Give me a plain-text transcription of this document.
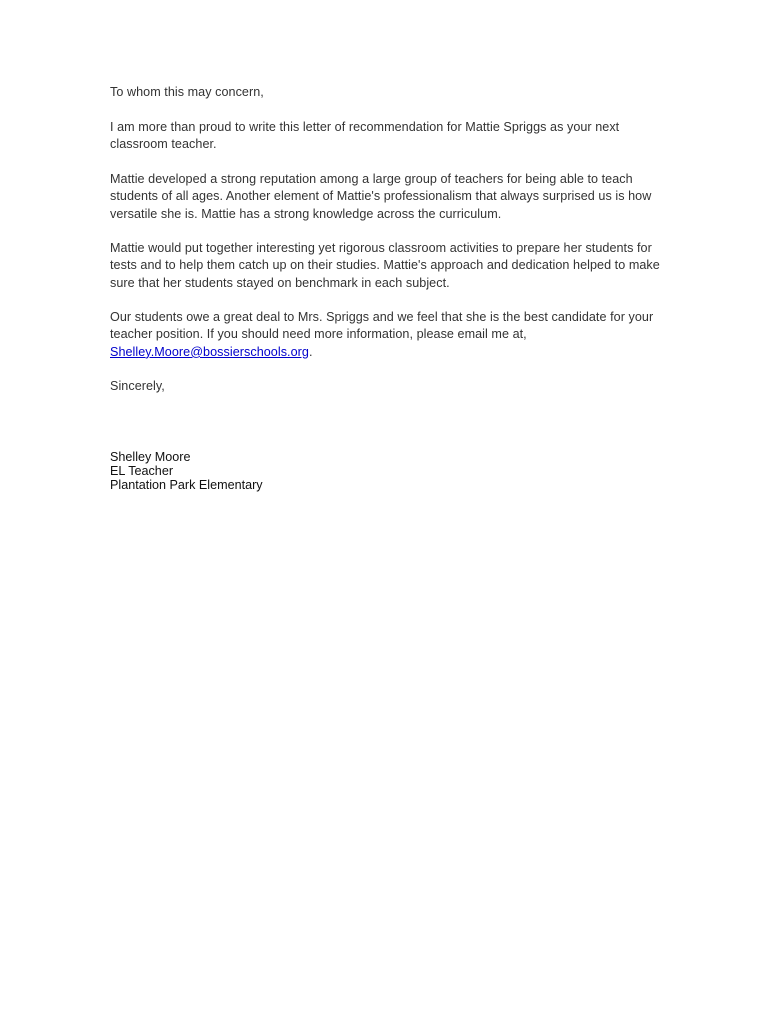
To whom this may concern,

I am more than proud to write this letter of recommendation for Mattie Spriggs as your next
classroom teacher.

Mattie developed a strong reputation among a large group of teachers for being able to teach
students of all ages. Another element of Mattie's professionalism that always surprised us is how
versatile she is. Mattie has a strong knowledge across the curriculum.

Mattie would put together interesting yet rigorous classroom activities to prepare her students for
tests and to help them catch up on their studies. Mattie's approach and dedication helped to make
sure that her students stayed on benchmark in each subject.

Our students owe a great deal to Mrs. Spriggs and we feel that she is the best candidate for your
teacher position. If you should need more information, please email me at,
Shelley.Moore@bossierschools.org.

Sincerely,

Shelley Moore
EL Teacher
Plantation Park Elementary
